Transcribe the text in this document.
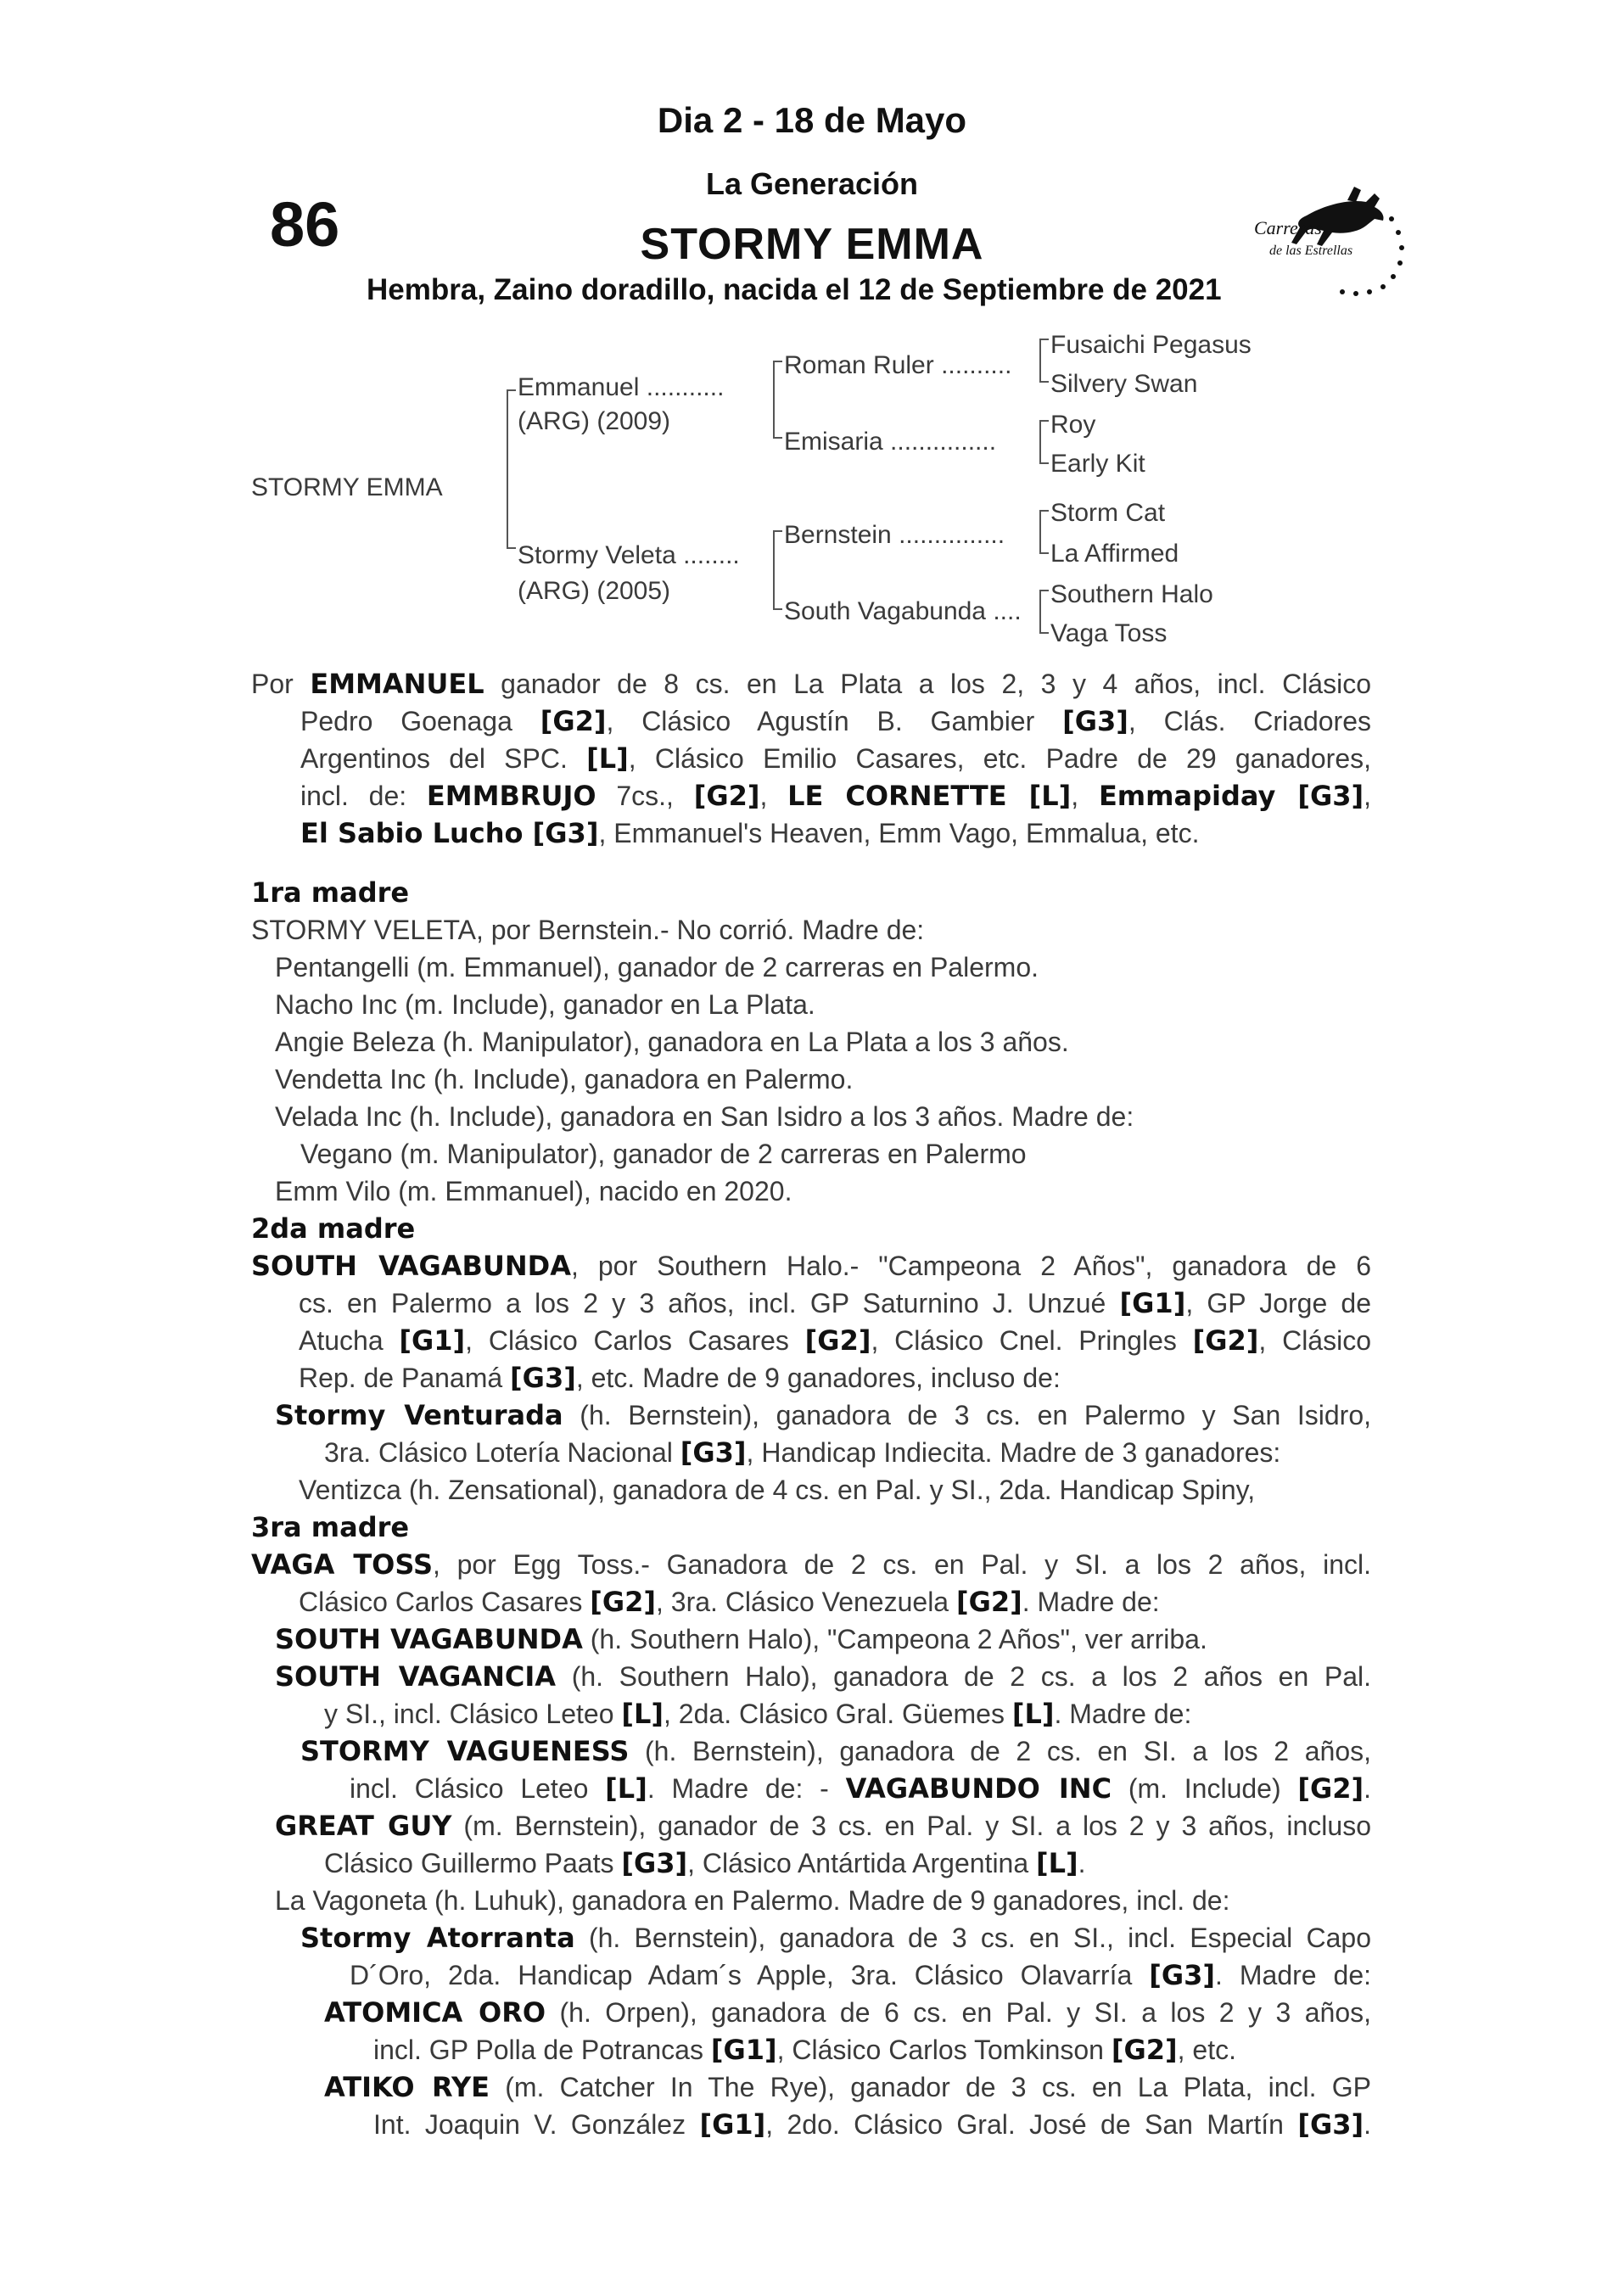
Dia 2 - 18 de Mayo
86
La Generación
STORMY EMMA
Hembra, Zaino doradillo, nacida el 12 de Septiembre de 2021
Carreras
de las Estrellas
STORMY EMMA
Emmanuel ...........
(ARG) (2009)
Stormy Veleta ........
(ARG) (2005)
Roman Ruler ..........
Emisaria ...............
Bernstein ...............
South Vagabunda ....
Fusaichi Pegasus
Silvery Swan
Roy
Early Kit
Storm Cat
La Affirmed
Southern Halo
Vaga Toss
Por EMMANUEL ganador de 8 cs. en La Plata a los 2, 3 y 4 años, incl. Clásico
Pedro Goenaga [G2], Clásico Agustín B. Gambier [G3], Clás. Criadores
Argentinos del SPC. [L], Clásico Emilio Casares, etc. Padre de 29 ganadores,
incl. de: EMMBRUJO 7cs., [G2], LE CORNETTE [L], Emmapiday [G3],
El Sabio Lucho [G3], Emmanuel's Heaven, Emm Vago, Emmalua, etc.
1ra madre
STORMY VELETA, por Bernstein.- No corrió. Madre de:
Pentangelli (m. Emmanuel), ganador de 2 carreras en Palermo.
Nacho Inc (m. Include), ganador en La Plata.
Angie Beleza (h. Manipulator), ganadora en La Plata a los 3 años.
Vendetta Inc (h. Include), ganadora en Palermo.
Velada Inc (h. Include), ganadora en San Isidro a los 3 años. Madre de:
Vegano (m. Manipulator), ganador de 2 carreras en Palermo
Emm Vilo (m. Emmanuel), nacido en 2020.
2da madre
SOUTH VAGABUNDA, por Southern Halo.- "Campeona 2 Años", ganadora de 6
cs. en Palermo a los 2 y 3 años, incl. GP Saturnino J. Unzué [G1], GP Jorge de
Atucha [G1], Clásico Carlos Casares [G2], Clásico Cnel. Pringles [G2], Clásico
Rep. de Panamá [G3], etc. Madre de 9 ganadores, incluso de:
Stormy Venturada (h. Bernstein), ganadora de 3 cs. en Palermo y San Isidro,
3ra. Clásico Lotería Nacional [G3], Handicap Indiecita. Madre de 3 ganadores:
Ventizca (h. Zensational), ganadora de 4 cs. en Pal. y SI., 2da. Handicap Spiny,
3ra madre
VAGA TOSS, por Egg Toss.- Ganadora de 2 cs. en Pal. y SI. a los 2 años, incl.
Clásico Carlos Casares [G2], 3ra. Clásico Venezuela [G2]. Madre de:
SOUTH VAGABUNDA (h. Southern Halo), "Campeona 2 Años", ver arriba.
SOUTH VAGANCIA (h. Southern Halo), ganadora de 2 cs. a los 2 años en Pal.
y SI., incl. Clásico Leteo [L], 2da. Clásico Gral. Güemes [L]. Madre de:
STORMY VAGUENESS (h. Bernstein), ganadora de 2 cs. en SI. a los 2 años,
incl. Clásico Leteo [L]. Madre de: - VAGABUNDO INC (m. Include) [G2].
GREAT GUY (m. Bernstein), ganador de 3 cs. en Pal. y SI. a los 2 y 3 años, incluso
Clásico Guillermo Paats [G3], Clásico Antártida Argentina [L].
La Vagoneta (h. Luhuk), ganadora en Palermo. Madre de 9 ganadores, incl. de:
Stormy Atorranta (h. Bernstein), ganadora de 3 cs. en SI., incl. Especial Capo
D´Oro, 2da. Handicap Adam´s Apple, 3ra. Clásico Olavarría [G3]. Madre de:
ATOMICA ORO (h. Orpen), ganadora de 6 cs. en Pal. y SI. a los 2 y 3 años,
incl. GP Polla de Potrancas [G1], Clásico Carlos Tomkinson [G2], etc.
ATIKO RYE (m. Catcher In The Rye), ganador de 3 cs. en La Plata, incl. GP
Int. Joaquin V. González [G1], 2do. Clásico Gral. José de San Martín [G3].
